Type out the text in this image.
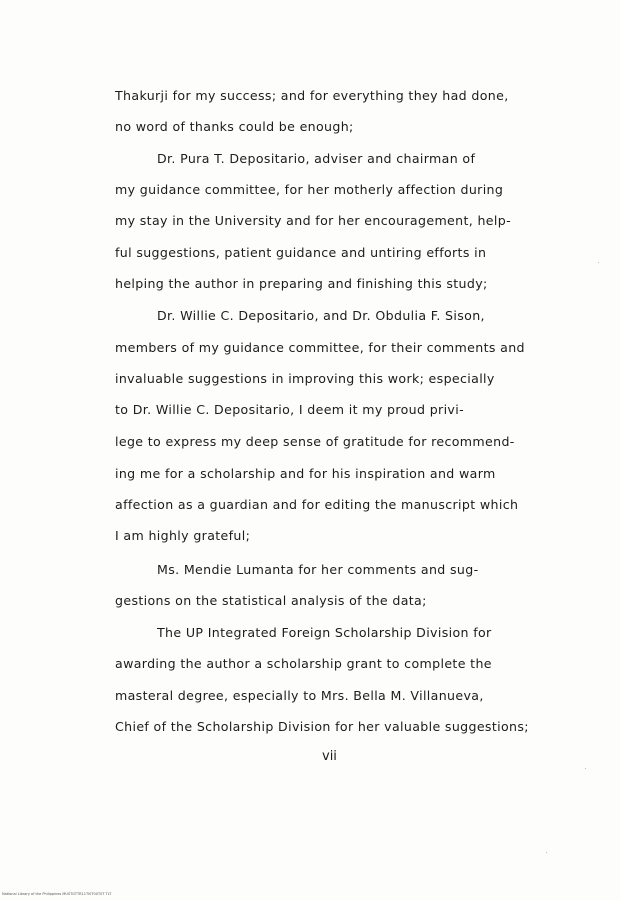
Thakurji for my success; and for everything they had done,
no word of thanks could be enough;
Dr. Pura T. Depositario, adviser and chairman of
my guidance committee, for her motherly affection during
my stay in the University and for her encouragement, help-
ful suggestions, patient guidance and untiring efforts in
helping the author in preparing and finishing this study;
Dr. Willie C. Depositario, and Dr. Obdulia F. Sison,
members of my guidance committee, for their comments and
invaluable suggestions in improving this work; especially
to Dr. Willie C. Depositario, I deem it my proud privi-
lege to express my deep sense of gratitude for recommend-
ing me for a scholarship and for his inspiration and warm
affection as a guardian and for editing the manuscript which
I am highly grateful;
Ms. Mendie Lumanta for her comments and sug-
gestions on the statistical analysis of the data;
The UP Integrated Foreign Scholarship Division for
awarding the author a scholarship grant to complete the
masteral degree, especially to Mrs. Bella M. Villanueva,
Chief of the Scholarship Division for her valuable suggestions;
vii
National Library of the Philippines MUSTGTTR11TI0T00T0T TLT
